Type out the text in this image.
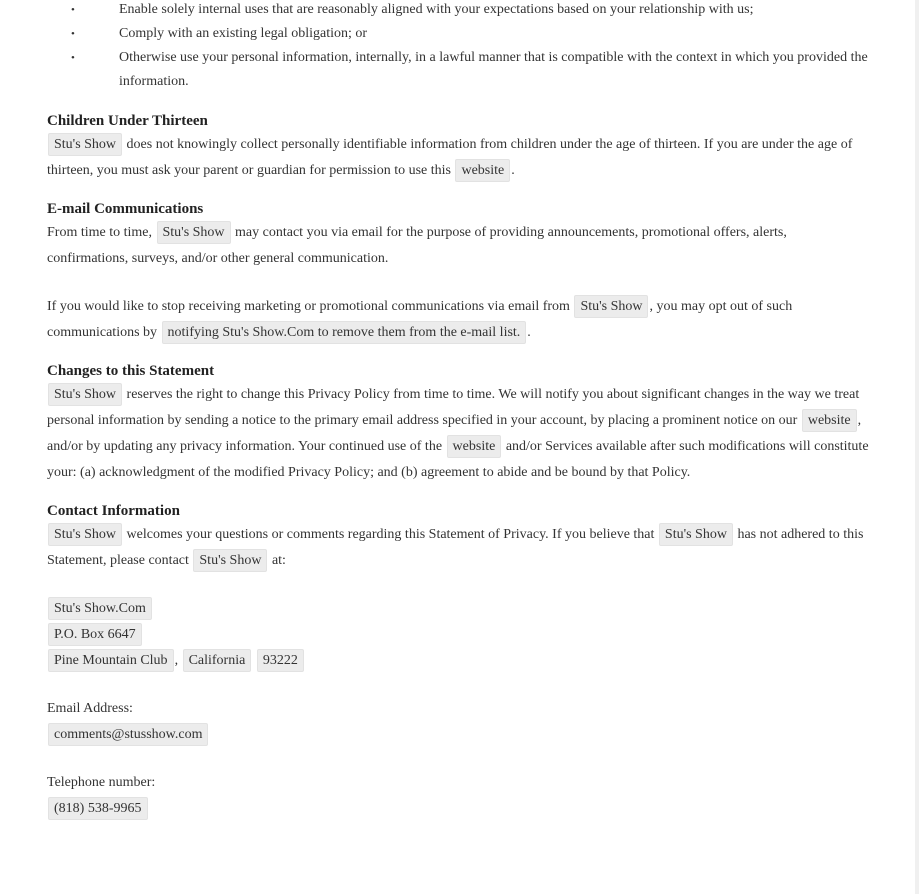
•	Enable solely internal uses that are reasonably aligned with your expectations based on your relationship with us;
•	Comply with an existing legal obligation; or
•	Otherwise use your personal information, internally, in a lawful manner that is compatible with the context in which you provided the information.
Children Under Thirteen

Stu's Show does not knowingly collect personally identifiable information from children under the age of thirteen. If you are under the age of thirteen, you must ask your parent or guardian for permission to use this website .

E-mail Communications

From time to time, Stu's Show may contact you via email for the purpose of providing announcements, promotional offers, alerts, confirmations, surveys, and/or other general communication.

If you would like to stop receiving marketing or promotional communications via email from Stu's Show , you may opt out of such communications by notifying Stu's Show.Com to remove them from the e-mail list. .

Changes to this Statement

Stu's Show reserves the right to change this Privacy Policy from time to time. We will notify you about significant changes in the way we treat personal information by sending a notice to the primary email address specified in your account, by placing a prominent notice on our website , and/or by updating any privacy information. Your continued use of the website and/or Services available after such modifications will constitute your: (a) acknowledgment of the modified Privacy Policy; and (b) agreement to abide and be bound by that Policy.

Contact Information

Stu's Show welcomes your questions or comments regarding this Statement of Privacy. If you believe that Stu's Show has not adhered to this Statement, please contact Stu's Show at:

Stu's Show.Com
P.O. Box 6647
Pine Mountain Club , California 93222
Email Address:
comments@stusshow.com
Telephone number:
(818) 538-9965
